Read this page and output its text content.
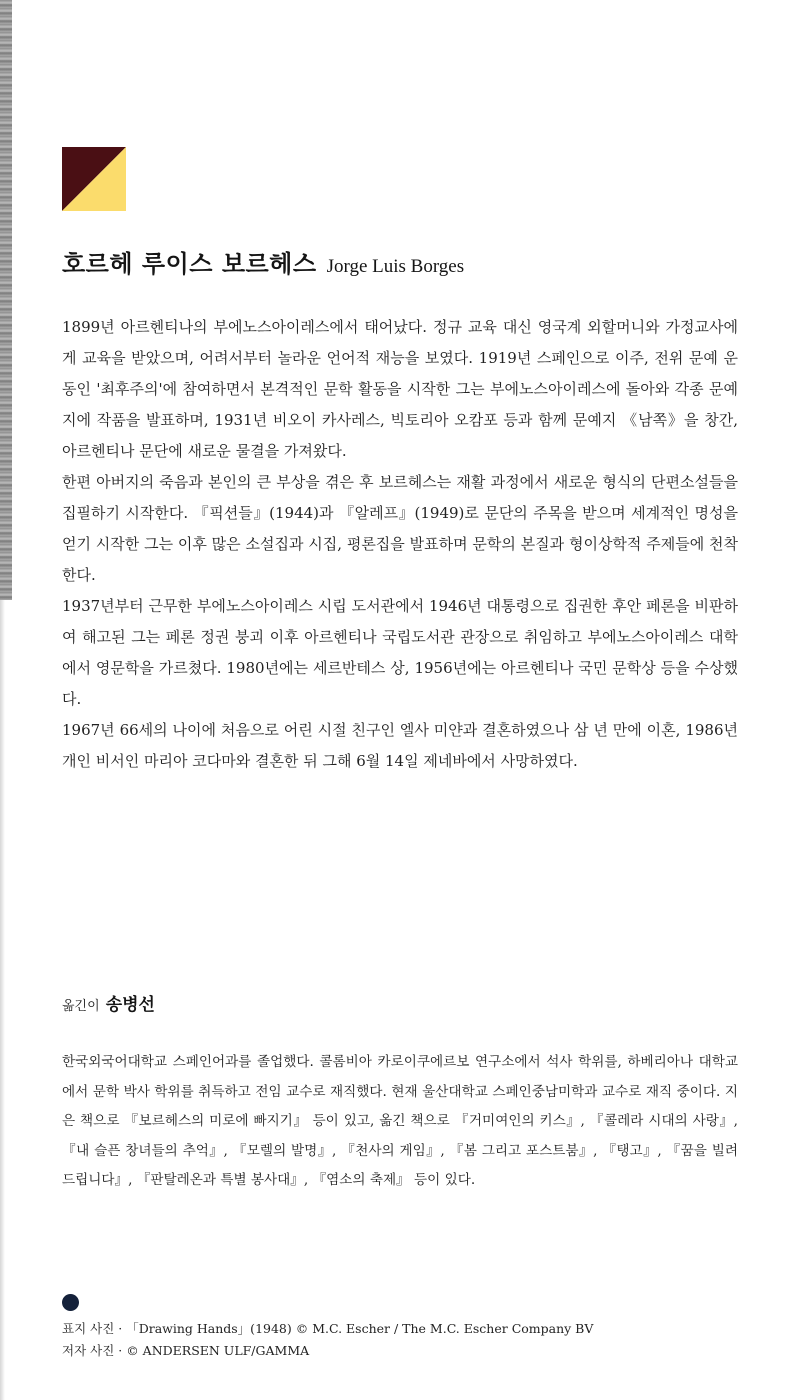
호르헤 루이스 보르헤스 Jorge Luis Borges

1899년 아르헨티나의 부에노스아이레스에서 태어났다. 정규 교육 대신 영국계 외할머니와 가정교사에게 교육을 받았으며, 어려서부터 놀라운 언어적 재능을 보였다. 1919년 스페인으로 이주, 전위 문예 운동인 '최후주의'에 참여하면서 본격적인 문학 활동을 시작한 그는 부에노스아이레스에 돌아와 각종 문예지에 작품을 발표하며, 1931년 비오이 카사레스, 빅토리아 오캄포 등과 함께 문예지 《남쪽》을 창간, 아르헨티나 문단에 새로운 물결을 가져왔다.

한편 아버지의 죽음과 본인의 큰 부상을 겪은 후 보르헤스는 재활 과정에서 새로운 형식의 단편소설들을 집필하기 시작한다. 『픽션들』(1944)과 『알레프』(1949)로 문단의 주목을 받으며 세계적인 명성을 얻기 시작한 그는 이후 많은 소설집과 시집, 평론집을 발표하며 문학의 본질과 형이상학적 주제들에 천착한다.

1937년부터 근무한 부에노스아이레스 시립 도서관에서 1946년 대통령으로 집권한 후안 페론을 비판하여 해고된 그는 페론 정권 붕괴 이후 아르헨티나 국립도서관 관장으로 취임하고 부에노스아이레스 대학에서 영문학을 가르쳤다. 1980년에는 세르반테스 상, 1956년에는 아르헨티나 국민 문학상 등을 수상했다.

1967년 66세의 나이에 처음으로 어린 시절 친구인 엘사 미얀과 결혼하였으나 삼 년 만에 이혼, 1986년 개인 비서인 마리아 코다마와 결혼한 뒤 그해 6월 14일 제네바에서 사망하였다.

옮긴이 송병선

한국외국어대학교 스페인어과를 졸업했다. 콜롬비아 카로이쿠에르보 연구소에서 석사 학위를, 하베리아나 대학교에서 문학 박사 학위를 취득하고 전임 교수로 재직했다. 현재 울산대학교 스페인중남미학과 교수로 재직 중이다. 지은 책으로 『보르헤스의 미로에 빠지기』 등이 있고, 옮긴 책으로 『거미여인의 키스』, 『콜레라 시대의 사랑』, 『내 슬픈 창녀들의 추억』, 『모렐의 발명』, 『천사의 게임』, 『봄 그리고 포스트붐』, 『탱고』, 『꿈을 빌려 드립니다』, 『판탈레온과 특별 봉사대』, 『염소의 축제』 등이 있다.

표지 사진 · 「Drawing Hands」(1948) © M.C. Escher / The M.C. Escher Company BV
저자 사진 · © ANDERSEN ULF/GAMMA
